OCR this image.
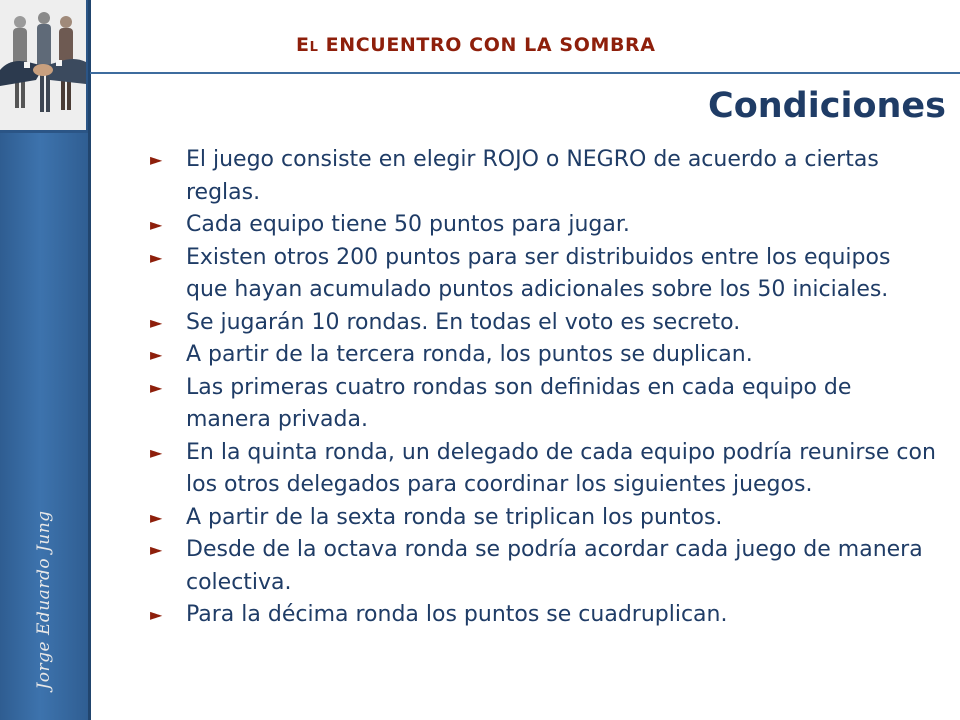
Jorge Eduardo Jung
El ENCUENTRO CON LA SOMBRA
Condiciones
► El juego consiste en elegir ROJO o NEGRO de acuerdo a ciertas reglas.
► Cada equipo tiene 50 puntos para jugar.
► Existen otros 200 puntos para ser distribuidos entre los equipos que hayan acumulado puntos adicionales sobre los 50 iniciales.
► Se jugarán 10 rondas. En todas el voto es secreto.
► A partir de la tercera ronda, los puntos se duplican.
► Las primeras cuatro rondas son definidas en cada equipo de manera privada.
► En la quinta ronda, un delegado de cada equipo podría reunirse con los otros delegados para coordinar los siguientes juegos.
► A partir de la sexta ronda se triplican los puntos.
► Desde de la octava ronda se podría acordar cada juego de manera colectiva.
► Para la décima ronda los puntos se cuadruplican.
